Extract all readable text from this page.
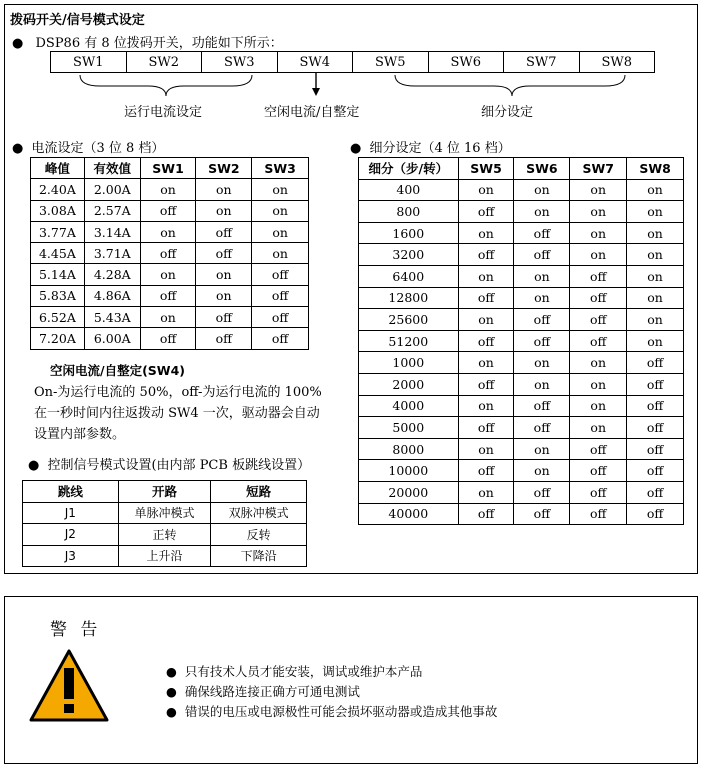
拨码开关/信号模式设定
● DSP86 有 8 位拨码开关，功能如下所示：
SW1	SW2	SW3	SW4	SW5	SW6	SW7	SW8
运行电流设定	空闲电流/自整定	细分设定
● 电流设定（3 位 8 档）
峰值	有效值	SW1	SW2	SW3
2.40A	2.00A	on	on	on
3.08A	2.57A	off	on	on
3.77A	3.14A	on	off	on
4.45A	3.71A	off	off	on
5.14A	4.28A	on	on	off
5.83A	4.86A	off	on	off
6.52A	5.43A	on	off	off
7.20A	6.00A	off	off	off
空闲电流/自整定(SW4)
On-为运行电流的 50%，off-为运行电流的 100%
在一秒时间内往返拨动 SW4 一次，驱动器会自动
设置内部参数。
● 控制信号模式设置(由内部 PCB 板跳线设置）
跳线	开路	短路
J1	单脉冲模式	双脉冲模式
J2	正转	反转
J3	上升沿	下降沿
● 细分设定（4 位 16 档）
细分（步/转）	SW5	SW6	SW7	SW8
400	on	on	on	on
800	off	on	on	on
1600	on	off	on	on
3200	off	off	on	on
6400	on	on	off	on
12800	off	on	off	on
25600	on	off	off	on
51200	off	off	off	on
1000	on	on	on	off
2000	off	on	on	off
4000	on	off	on	off
5000	off	off	on	off
8000	on	on	off	off
10000	off	on	off	off
20000	on	off	off	off
40000	off	off	off	off
警 告
● 只有技术人员才能安装，调试或维护本产品
● 确保线路连接正确方可通电测试
● 错误的电压或电源极性可能会损坏驱动器或造成其他事故
